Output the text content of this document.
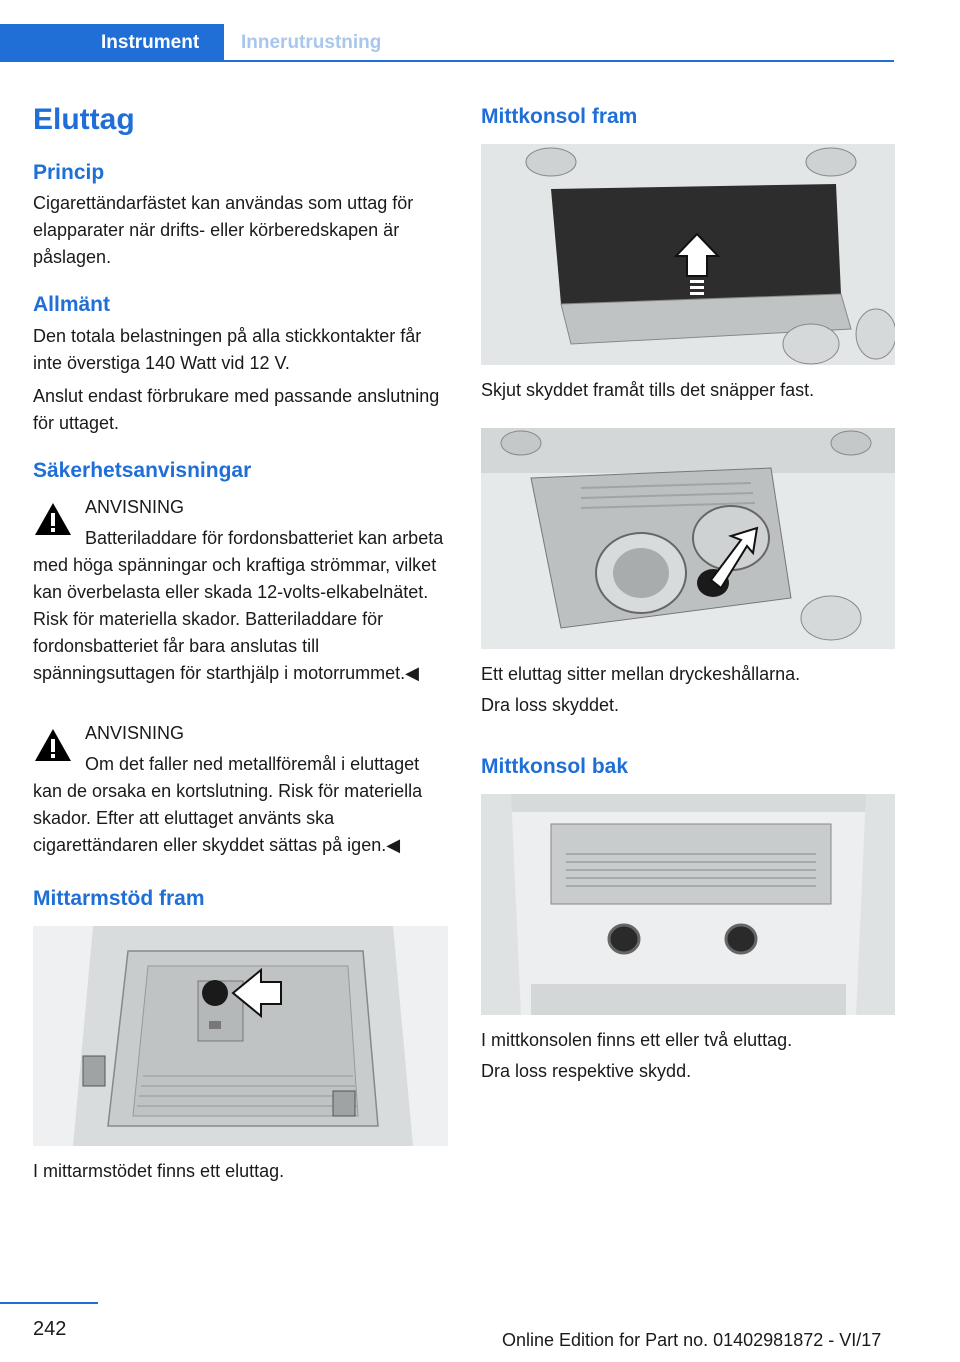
Instrument	Innerutrustning
Eluttag
Princip
Cigarettändarfästet kan användas som uttag för elapparater när drifts- eller körberedskapen är påslagen.
Allmänt
Den totala belastningen på alla stickkontakter får inte överstiga 140 Watt vid 12 V.
Anslut endast förbrukare med passande anslutning för uttaget.
Säkerhetsanvisningar
ANVISNING
Batteriladdare för fordonsbatteriet kan arbeta med höga spänningar och kraftiga strömmar, vilket kan överbelasta eller skada 12-volts-elkabelnätet. Risk för materiella skador. Batteriladdare för fordonsbatteriet får bara anslutas till spänningsuttagen för starthjälp i motorrummet.◀
ANVISNING
Om det faller ned metallföremål i eluttaget kan de orsaka en kortslutning. Risk för materiella skador. Efter att eluttaget använts ska cigarettändaren eller skyddet sättas på igen.◀
Mittarmstöd fram
I mittarmstödet finns ett eluttag.
Mittkonsol fram
Skjut skyddet framåt tills det snäpper fast.
Ett eluttag sitter mellan dryckeshållarna.
Dra loss skyddet.
Mittkonsol bak
I mittkonsolen finns ett eller två eluttag.
Dra loss respektive skydd.
242	Online Edition for Part no. 01402981872 - VI/17
